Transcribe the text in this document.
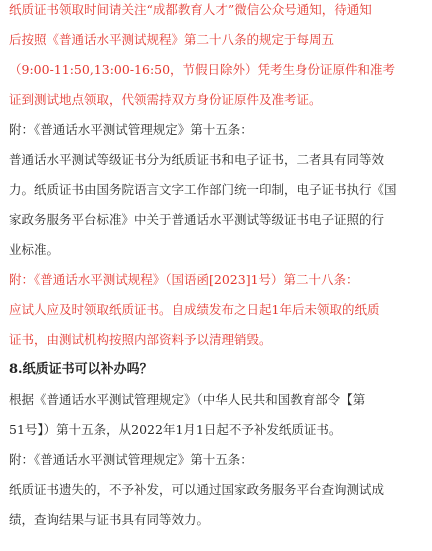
纸质证书领取时间请关注“成都教育人才”微信公众号通知，待通知
后按照《普通话水平测试规程》第二十八条的规定于每周五
（9:00-11:50,13:00-16:50，节假日除外）凭考生身份证原件和准考
证到测试地点领取，代领需持双方身份证原件及准考证。
附：《普通话水平测试管理规定》第十五条：
普通话水平测试等级证书分为纸质证书和电子证书，二者具有同等效
力。纸质证书由国务院语言文字工作部门统一印制，电子证书执行《国
家政务服务平台标准》中关于普通话水平测试等级证书电子证照的行
业标准。
附：《普通话水平测试规程》（国语函[2023]1号）第二十八条：
应试人应及时领取纸质证书。自成绩发布之日起1年后未领取的纸质
证书，由测试机构按照内部资料予以清理销毁。
8.纸质证书可以补办吗？
根据《普通话水平测试管理规定》（中华人民共和国教育部令【第
51号】）第十五条，从2022年1月1日起不予补发纸质证书。
附：《普通话水平测试管理规定》第十五条：
纸质证书遗失的，不予补发，可以通过国家政务服务平台查询测试成
绩，查询结果与证书具有同等效力。
